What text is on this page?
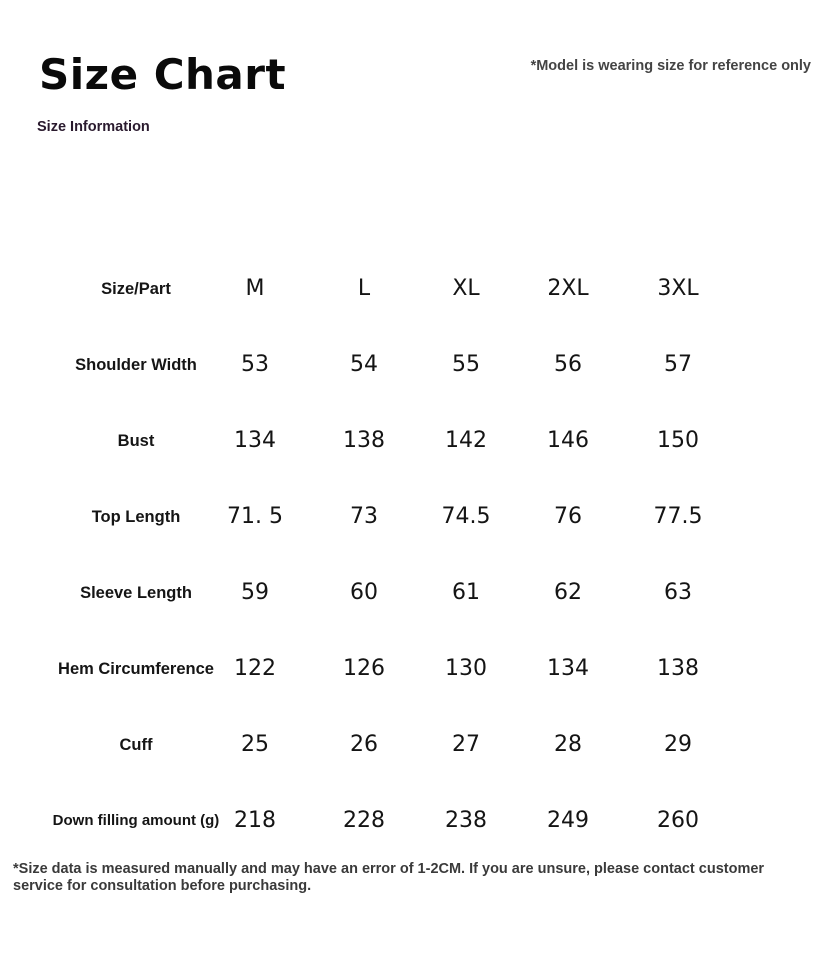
Size Chart	*Model is wearing size for reference only
Size Information
*Size data is measured manually and may have an error of 1-2CM. If you are unsure, please contact customer service for consultation before purchasing.
Size/Part	M	L	XL	2XL	3XL
Shoulder Width	53	54	55	56	57
Bust	134	138	142	146	150
Top Length	71. 5	73	74.5	76	77.5
Sleeve Length	59	60	61	62	63
Hem Circumference 122	126	130	134	138
Cuff	25	26	27	28	29
Down filling amount (g) 218	228	238	249	260
